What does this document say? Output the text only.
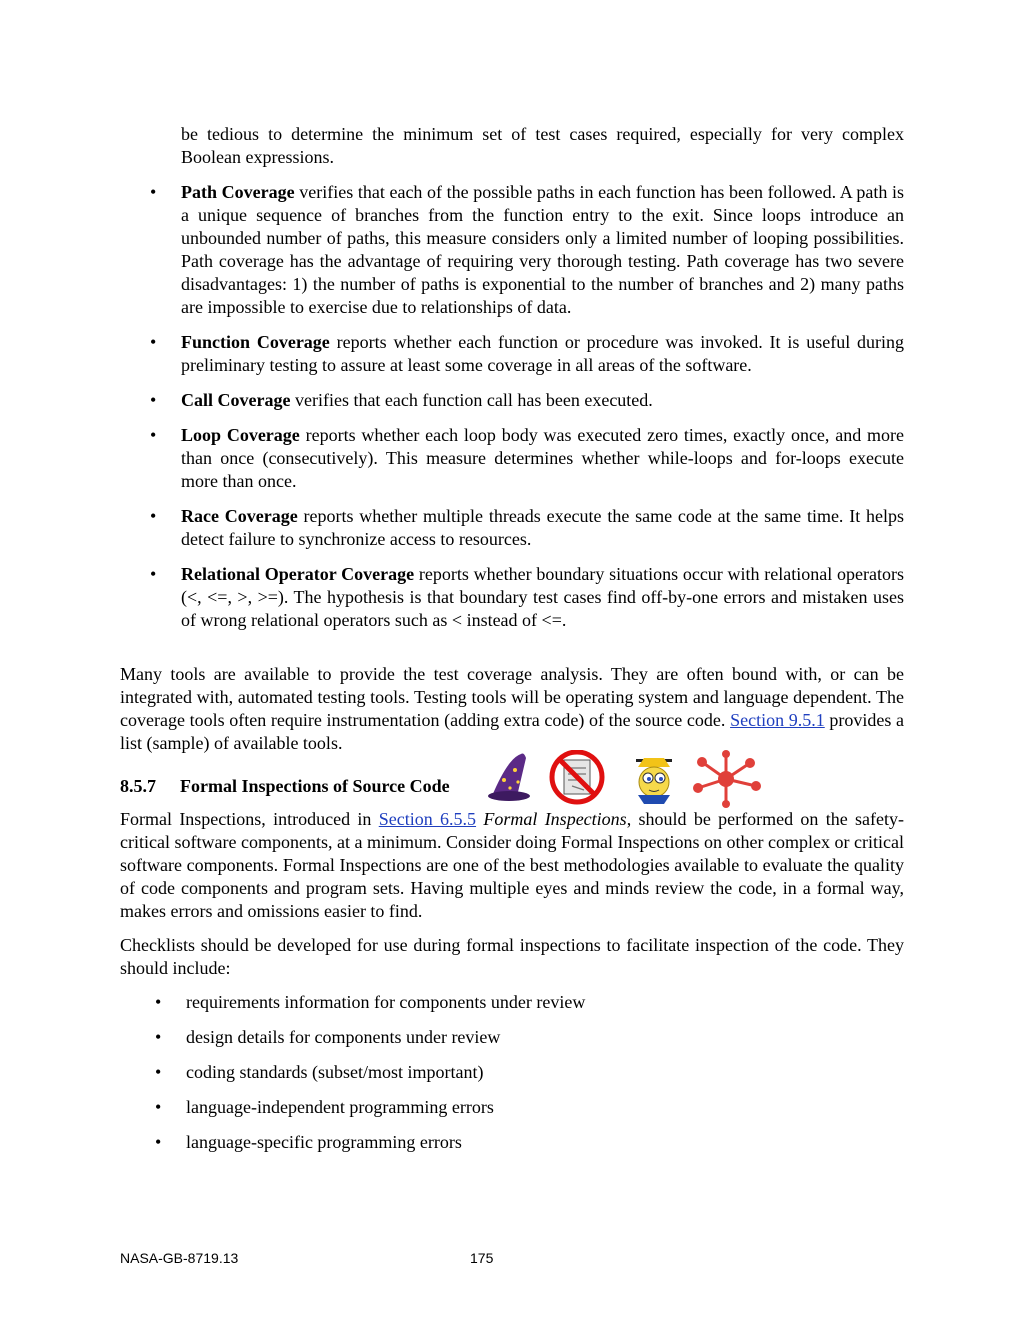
be tedious to determine the minimum set of test cases required, especially for very complex Boolean expressions.
• Path Coverage verifies that each of the possible paths in each function has been followed. A path is a unique sequence of branches from the function entry to the exit. Since loops introduce an unbounded number of paths, this measure considers only a limited number of looping possibilities. Path coverage has the advantage of requiring very thorough testing. Path coverage has two severe disadvantages: 1) the number of paths is exponential to the number of branches and 2) many paths are impossible to exercise due to relationships of data.
• Function Coverage reports whether each function or procedure was invoked. It is useful during preliminary testing to assure at least some coverage in all areas of the software.
• Call Coverage verifies that each function call has been executed.
• Loop Coverage reports whether each loop body was executed zero times, exactly once, and more than once (consecutively). This measure determines whether while-loops and for-loops execute more than once.
• Race Coverage reports whether multiple threads execute the same code at the same time. It helps detect failure to synchronize access to resources.
• Relational Operator Coverage reports whether boundary situations occur with relational operators (<, <=, >, >=). The hypothesis is that boundary test cases find off-by-one errors and mistaken uses of wrong relational operators such as < instead of <=.
Many tools are available to provide the test coverage analysis. They are often bound with, or can be integrated with, automated testing tools. Testing tools will be operating system and language dependent. The coverage tools often require instrumentation (adding extra code) of the source code. Section 9.5.1 provides a list (sample) of available tools.
8.5.7 Formal Inspections of Source Code
Formal Inspections, introduced in Section 6.5.5 Formal Inspections, should be performed on the safety-critical software components, at a minimum. Consider doing Formal Inspections on other complex or critical software components. Formal Inspections are one of the best methodologies available to evaluate the quality of code components and program sets. Having multiple eyes and minds review the code, in a formal way, makes errors and omissions easier to find.
Checklists should be developed for use during formal inspections to facilitate inspection of the code. They should include:
• requirements information for components under review
• design details for components under review
• coding standards (subset/most important)
• language-independent programming errors
• language-specific programming errors
NASA-GB-8719.13	175
